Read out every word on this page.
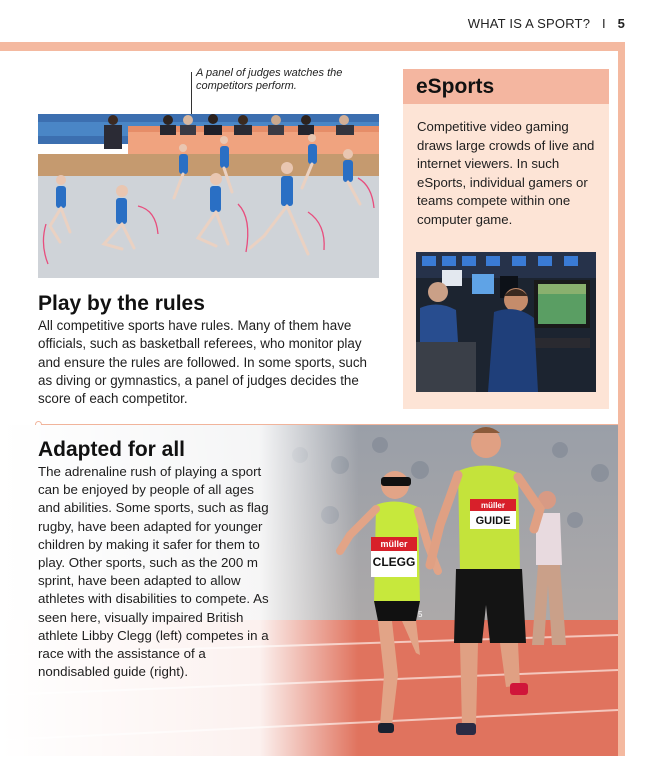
WHAT IS A SPORT? I 5
A panel of judges watches the competitors perform.
Play by the rules

All competitive sports have rules. Many of them have officials, such as basketball referees, who monitor play and ensure the rules are followed. In some sports, such as diving or gymnastics, a panel of judges decides the score of each competitor.

eSports

Competitive video gaming draws large crowds of live and internet viewers. In such eSports, individual gamers or teams compete within one computer game.

müller
CLEGG
5
müller
GUIDE
Adapted for all

The adrenaline rush of playing a sport can be enjoyed by people of all ages and abilities. Some sports, such as flag rugby, have been adapted for younger children by making it safer for them to play. Other sports, such as the 200 m sprint, have been adapted to allow athletes with disabilities to compete. As seen here, visually impaired British athlete Libby Clegg (left) competes in a race with the assistance of a nondisabled guide (right).
